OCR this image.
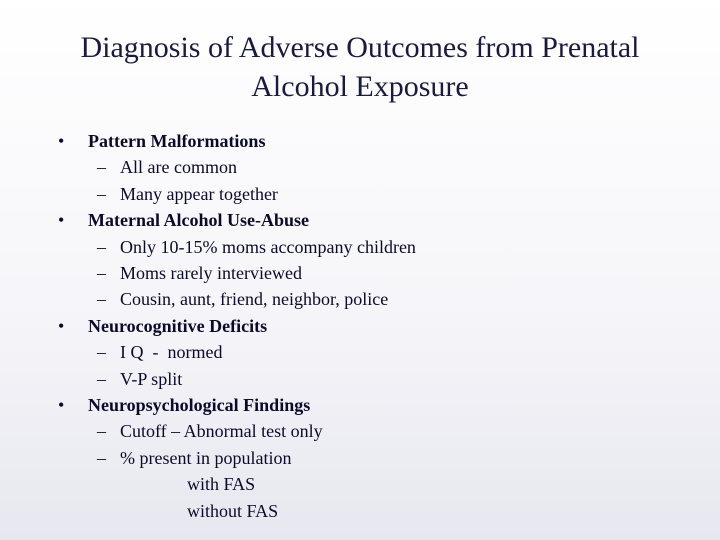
Diagnosis of Adverse Outcomes from Prenatal
Alcohol Exposure
•	Pattern Malformations
– All are common
– Many appear together
•	Maternal Alcohol Use-Abuse
– Only 10-15% moms accompany children
– Moms rarely interviewed
– Cousin, aunt, friend, neighbor, police
•	Neurocognitive Deficits
– I Q  -  normed
– V-P split
•	Neuropsychological Findings
– Cutoff – Abnormal test only
– % present in population
with FAS
without FAS
